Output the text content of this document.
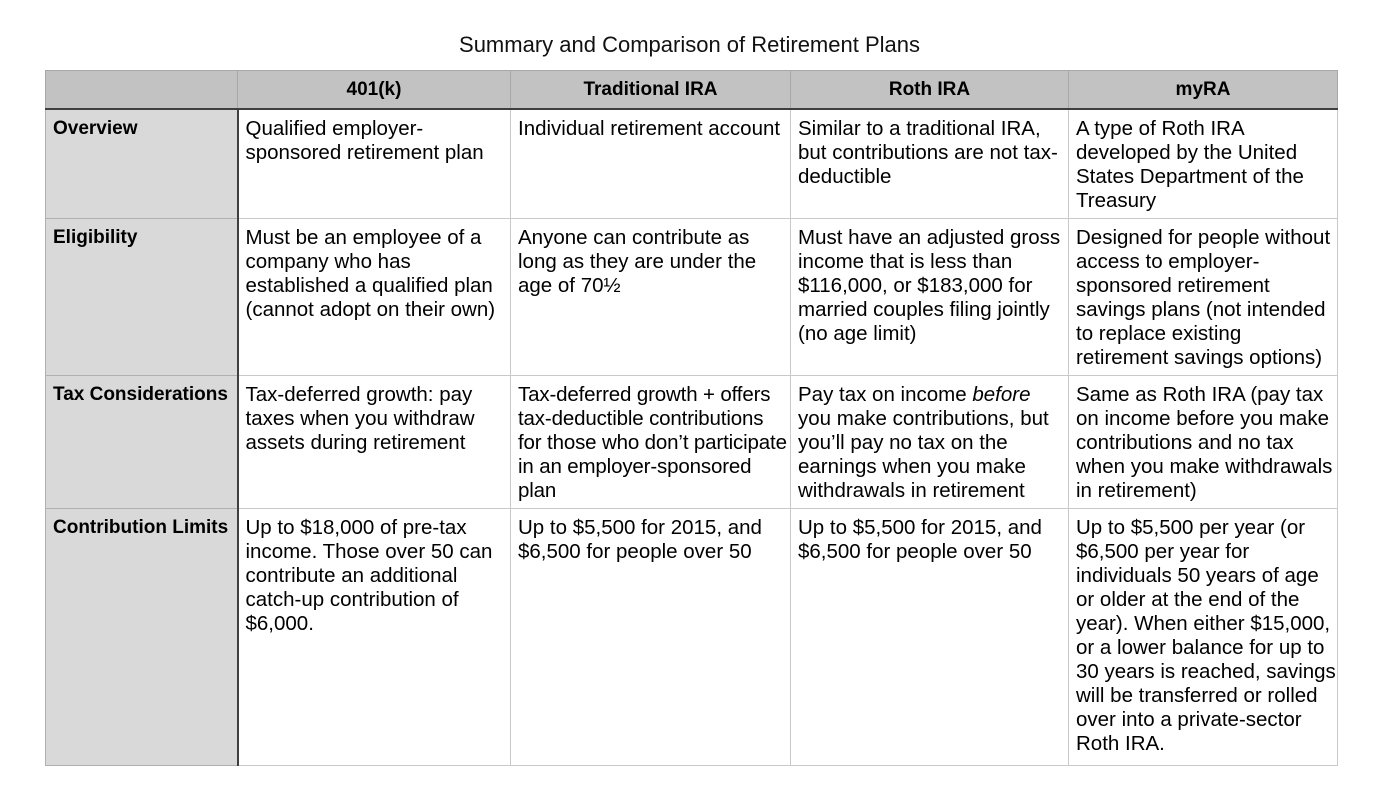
Summary and Comparison of Retirement Plans
	401(k)	Traditional IRA	Roth IRA	myRA
Overview	Qualified employer-sponsored retirement plan	Individual retirement account	Similar to a traditional IRA, but contributions are not tax-deductible	A type of Roth IRA developed by the United States Department of the Treasury
Eligibility	Must be an employee of a company who has established a qualified plan (cannot adopt on their own)	Anyone can contribute as long as they are under the age of 70½	Must have an adjusted gross income that is less than $116,000, or $183,000 for married couples filing jointly (no age limit)	Designed for people without access to employer-sponsored retirement savings plans (not intended to replace existing retirement savings options)
Tax Considerations	Tax-deferred growth: pay taxes when you withdraw assets during retirement	Tax-deferred growth + offers tax-deductible contributions for those who don’t participate in an employer-sponsored plan	Pay tax on income before you make contributions, but you’ll pay no tax on the earnings when you make withdrawals in retirement	Same as Roth IRA (pay tax on income before you make contributions and no tax when you make withdrawals in retirement)
Contribution Limits	Up to $18,000 of pre-tax income. Those over 50 can contribute an additional catch-up contribution of $6,000.	Up to $5,500 for 2015, and $6,500 for people over 50	Up to $5,500 for 2015, and $6,500 for people over 50	Up to $5,500 per year (or $6,500 per year for individuals 50 years of age or older at the end of the year). When either $15,000, or a lower balance for up to 30 years is reached, savings will be transferred or rolled over into a private-sector Roth IRA.
